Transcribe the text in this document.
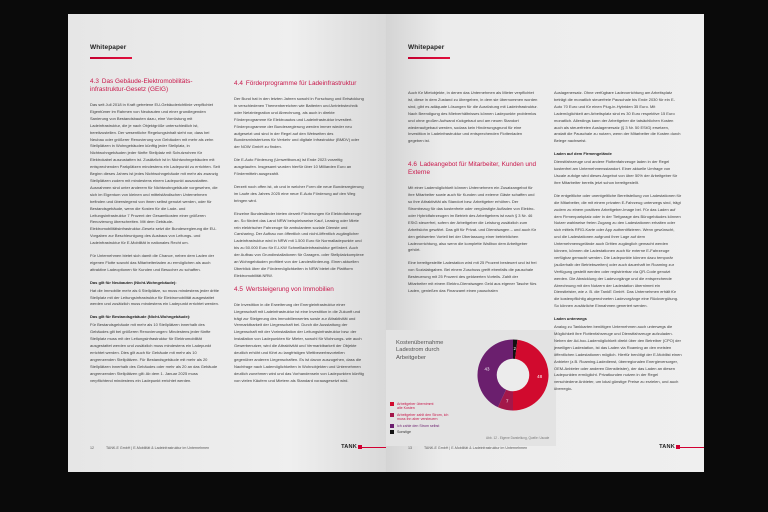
Whitepaper
4.3 Das Gebäude-Elektromobilitäts-infrastruktur-Gesetz (GEIG)

Das seit Juli 2018 in Kraft getretene EU-Gebäuderichtlinie verpflichtet Eigentümer im Rahmen von Neubauten und einer grundlegenden Sanierung von Bestandsbauten dazu, eine Vorrüstung mit Ladeinfrastruktur, die je nach Objektgröße unterschiedlich ist, bereitzustellen. Der wesentliche Regelungsinhalt sieht vor, dass bei Neubau oder größerer Renovierung von Gebäuden mit mehr als zehn Stellplätzen in Wohngebäuden künftig jeder Stellplatz, in Nichtwohngebäuden jeder fünfte Stellplatz mit Schutzrohren für Elektrokabel auszustatten ist. Zusätzlich ist in Nichtwohngebäuden mit entsprechenden Parkplätzen mindestens ein Ladepunkt zu errichten. Seit Beginn dieses Jahres ist jedes Nichtwohngebäude mit mehr als zwanzig Stellplätzen zudem mit mindestens einem Ladepunkt auszustatten. Ausnahmen sind unter anderem für Nichtwohngebäude vorgesehen, die sich im Eigentum von kleinen und mittelständischen Unternehmen befinden und überwiegend von ihnen selbst genutzt werden, oder für Bestandsgebäude, wenn die Kosten für die Lade- und Leitungsinfrastruktur 7 Prozent der Gesamtkosten einer größeren Renovierung überschreiten. Mit dem Gebäude-Elektromobilitätsinfrastruktur-Gesetz setzt die Bundesregierung die EU-Vorgaben zur Beschleunigung des Ausbaus von Leitungs- und Ladeinfrastruktur für E-Mobilität in nationales Recht um.

Für Unternehmen bietet sich damit die Chance, neben dem Laden der eigenen Flotte sowohl das Mitarbeiterladen zu ermöglichen als auch attraktive Ladeoptionen für Kunden und Besucher zu schaffen.

Das gilt für Neubauten (Nicht-Wohngebäude):
Hat die Immobilie mehr als 6 Stellplätze, so muss mindestens jeder dritte Stellplatz mit der Leitungsinfrastruktur für Elektromobilität ausgestattet werden und zusätzlich muss mindestens ein Ladepunkt errichtet werden.

Das gilt für Bestandsgebäude (Nicht-Wohngebäude):
Für Bestandsgebäude mit mehr als 10 Stellplätzen innerhalb des Gebäudes gilt bei größeren Renovierungen: Mindestens jeder fünfte Stellplatz muss mit der Leitungsinfrastruktur für Elektromobilität ausgestattet werden und zusätzlich muss mindestens ein Ladepunkt errichtet werden. Dies gilt auch für Gebäude mit mehr als 10 angrenzenden Stellplätzen. Für Bestandsgebäude mit mehr als 20 Stellplätzen innerhalb des Gebäudes oder mehr als 20 an das Gebäude angrenzenden Stellplätzen gilt: Ab dem 1. Januar 2025 muss verpflichtend mindestens ein Ladepunkt errichtet werden.

4.4 Förderprogramme für Ladeinfrastruktur

Der Bund hat in den letzten Jahren sowohl in Forschung und Entwicklung in verschiedenen Themenbereichen wie Batterien und Antriebstechnik oder Netzintegration und Abrechnung, als auch in direkte Förderprogramme für Elektroautos und Ladeinfrastruktur investiert. Förderprogramme der Bundesregierung werden immer wieder neu aufgesetzt und sind in der Regel auf den Webseiten des Bundesministeriums für Verkehr und digitale Infrastruktur (BMDV) oder der NOW GmbH zu finden.

Die E-Auto Förderung (Umweltbonus) ist Ende 2023 vorzeitig ausgelaufen. Insgesamt wurden hierfür über 10 Milliarden Euro an Fördermitteln ausgezahlt.

Derzeit noch offen ist, ob und in welcher Form die neue Bundesregierung im Laufe des Jahres 2025 eine neue E-Auto Förderung auf den Weg bringen wird.

Einzelne Bundesländer bieten derzeit Förderungen für Elektrofahrzeuge an. So fördert das Land NRW beispielsweise Kauf, Leasing oder Miete rein elektrischer Fahrzeuge für ambulantem soziale Dienste und Carsharing. Der Aufbau von öffentlich und nicht-öffentlich zugänglicher Ladeinfrastruktur wird in NRW mit 1.500 Euro für Normalladepunkte und bis zu 50.000 Euro für E-LKW Schnellladeinfrastruktur gefördert. Auch der Aufbau von Grundinstallationen für Garagen- oder Stellplatzkomplexe an Wohngebäuden profitiert von der Landesförderung. Einen aktuellen Überblick über die Fördermöglichkeiten in NRW bietet die Plattform Elektromobilität.NRW.

4.5 Wertsteigerung von Immobilien

Die Investition in die Erweiterung der Energieinfrastruktur einer Liegenschaft mit Ladeinfrastruktur ist eine Investition in die Zukunft und trägt zur Steigerung des Immobilienwertes sowie zur Attraktivität und Vermarktbarkeit der Liegenschaft bei. Durch die Ausstattung der Liegenschaft mit der Vorinstallation der Leitungsinfrastruktur bzw. der Installation von Ladepunkten für Mieter, sowohl für Wohnungs- wie auch Gewerbenutzer, wird die Attraktivität und Vermarktbarkeit der Objekte deutlich erhöht und führt zu langfristigen Wettbewerbsvorteilen gegenüber anderen Liegenschaften. Es ist davon auszugehen, dass die Nachfrage nach Lademöglichkeiten in Wohnobjekten und Unternehmen deutlich zunehmen wird und das Vorhandensein von Ladepunkten künftig von vielen Käufern und Mietern als Standard vorausgesetzt wird.

12	TANK-E GmbH | E-Mobilität & Ladeinfrastruktur im Unternehmen	TANK
Whitepaper

Auch für Mietobjekte, in denen das Unternehmen als Mieter verpflichtet ist, diese in dem Zustand zu übergeben, in dem sie übernommen worden sind, gibt es adäquate Lösungen für die Ausrüstung mit Ladeinfrastruktur. Nach Beendigung des Mietverhältnisses können Ladepunkte problemlos und ohne großen Aufwand rückgebaut und am neuen Standort wiederaufgebaut werden, sodass kein Hinderungsgrund für eine Investition in Ladeinfrastruktur und entsprechenden Flottenladen gegeben ist.

4.6 Ladeangebot für Mitarbeiter, Kunden und Externe

Mit einer Lademöglichkeit können Unternehmen ein Zusatzangebot für ihre Mitarbeiter sowie auch für Kunden und externe Gäste schaffen und so ihre Attraktivität als Standort bzw. Arbeitgeber erhöhen. Der Strombezug für das kostenfreie oder vergünstigte Aufladen von Elektro- oder Hybridfahrzeugen im Betrieb des Arbeitgebers ist nach § 3 Nr. 46 EStG steuerfrei, sofern der Arbeitgeber die Leistung zusätzlich zum Arbeitslohn gewährt. Das gilt für Privat- und Dienstwagen – und auch für den geldwerten Vorteil bei der Überlassung einer betrieblichen Ladevorrichtung, also wenn die komplette Wallbox dem Arbeitgeber gehört.

Eine bereitgestellte Ladestation wird mit 25 Prozent besteuert und ist frei von Sozialabgaben. Bei einem Zuschuss greift ebenfalls die pauschale Besteuerung mit 25 Prozent des geldwerten Vorteils. Zahlt der Mitarbeiter mit einem Elektro-Dienstwagen Geld aus eigener Tasche fürs Laden, genießen das Finanzamt einen pauschalen

Kostenübernahme Ladestrom durch Arbeitgeber
2
48
7
43
Arbeitgeber übernimmt alle Kosten
Arbeitgeber zahlt den Strom, ich muss ihn aber versteuern
Ich zahle den Strom selbst
Sonstige
Abb. 12 - Eigene Darstellung, Quelle: Uscale

Auslagenersatz. Ohne verfügbare Ladevorrichtung am Arbeitsplatz beträgt die monatlich steuerfreie Pauschale bis Ende 2030 für ein E-Auto 70 Euro und für einen Plug-in-Hybriden 35 Euro. Mit Lademöglichkeit am Arbeitsplatz sind es 30 Euro respektive 15 Euro monatlich. Allerdings kann der Arbeitgeber die tatsächlichen Kosten auch als steuerfreien Auslagenersatz (§ 3 Nr. 50 EStG) ersetzen, anstatt die Pauschale zu nutzen, wenn der Mitarbeiter die Kosten durch Belege nachweist.

Laden auf dem Firmengelände
Dienstfahrzeuge und andere Flottenfahrzeuge laden in der Regel kostenfrei am Unternehmensstandort. Einer aktuelle Umfrage von Uscale zufolge wird dieses Angebot von über 50% der Arbeitgeber für ihre Mitarbeiter bereits jetzt schon bereitgestellt.

Die entgeltliche oder unentgeltliche Bereitstellung von Ladestationen für die Mitarbeiter, die mit einem privaten E-Fahrzeug unterwegs sind, trägt zudem zu einem positiven Arbeitgeber-Image bei. Für das Laden auf dem Firmenparkplatz oder in der Tiefgarage des Bürogebäudes können Nutzer wahlweise freien Zugang zu den Ladestationen erhalten oder sich mittels RFID-Karte oder App authentifizieren. Wenn gewünscht, und die Ladestationen aufgrund ihrer Lage auf dem Unternehmensgelände auch Dritten zugänglich gemacht werden können, können die Ladestationen auch für externe E-Fahrzeuge verfügbar gemacht werden. Die Ladepunkte können dazu temporär (außerhalb der Betriebszeiten) oder auch dauerhaft im Roaming zur Verfügung gestellt werden oder registrierbar via QR-Code genutzt werden. Die Abwicklung der Ladevorgänge und die entsprechende Abrechnung mit den Nutzern der Ladestation übernimmt ein Dienstleister, wie z. B. die TankE GmbH. Das Unternehmen erhält für die kostenpflichtig abgerechneten Ladevorgänge eine Rückvergütung. So können zusätzliche Einnahmen generiert werden.

Laden unterwegs
Analog zu Tankkarten benötigen Unternehmen auch unterwegs die Möglichkeit ihre Flottenfahrzeuge und Dienstfahrzeuge aufzuladen. Neben der Ad-hoc-Lademöglichkeit direkt über den Betreiber (CPO) der jeweiligen Ladestation, ist das Laden via Roaming an den meisten öffentlichen Ladestationen möglich. Hierfür benötigt der E-Mobilist einen Anbieter (z.B. Roaming-Ladedienst, überregionalen Energieversorger, OEM-Anbieter oder anderen Dienstleister), der das Laden an diesen Ladepunkten ermöglicht. Privatkunden nutzen in der Regel verschiedene Anbieter, um lokal günstige Preise zu erzielen, und auch überregio-

13	TANK-E GmbH | E-Mobilität & Ladeinfrastruktur im Unternehmen	TANK
